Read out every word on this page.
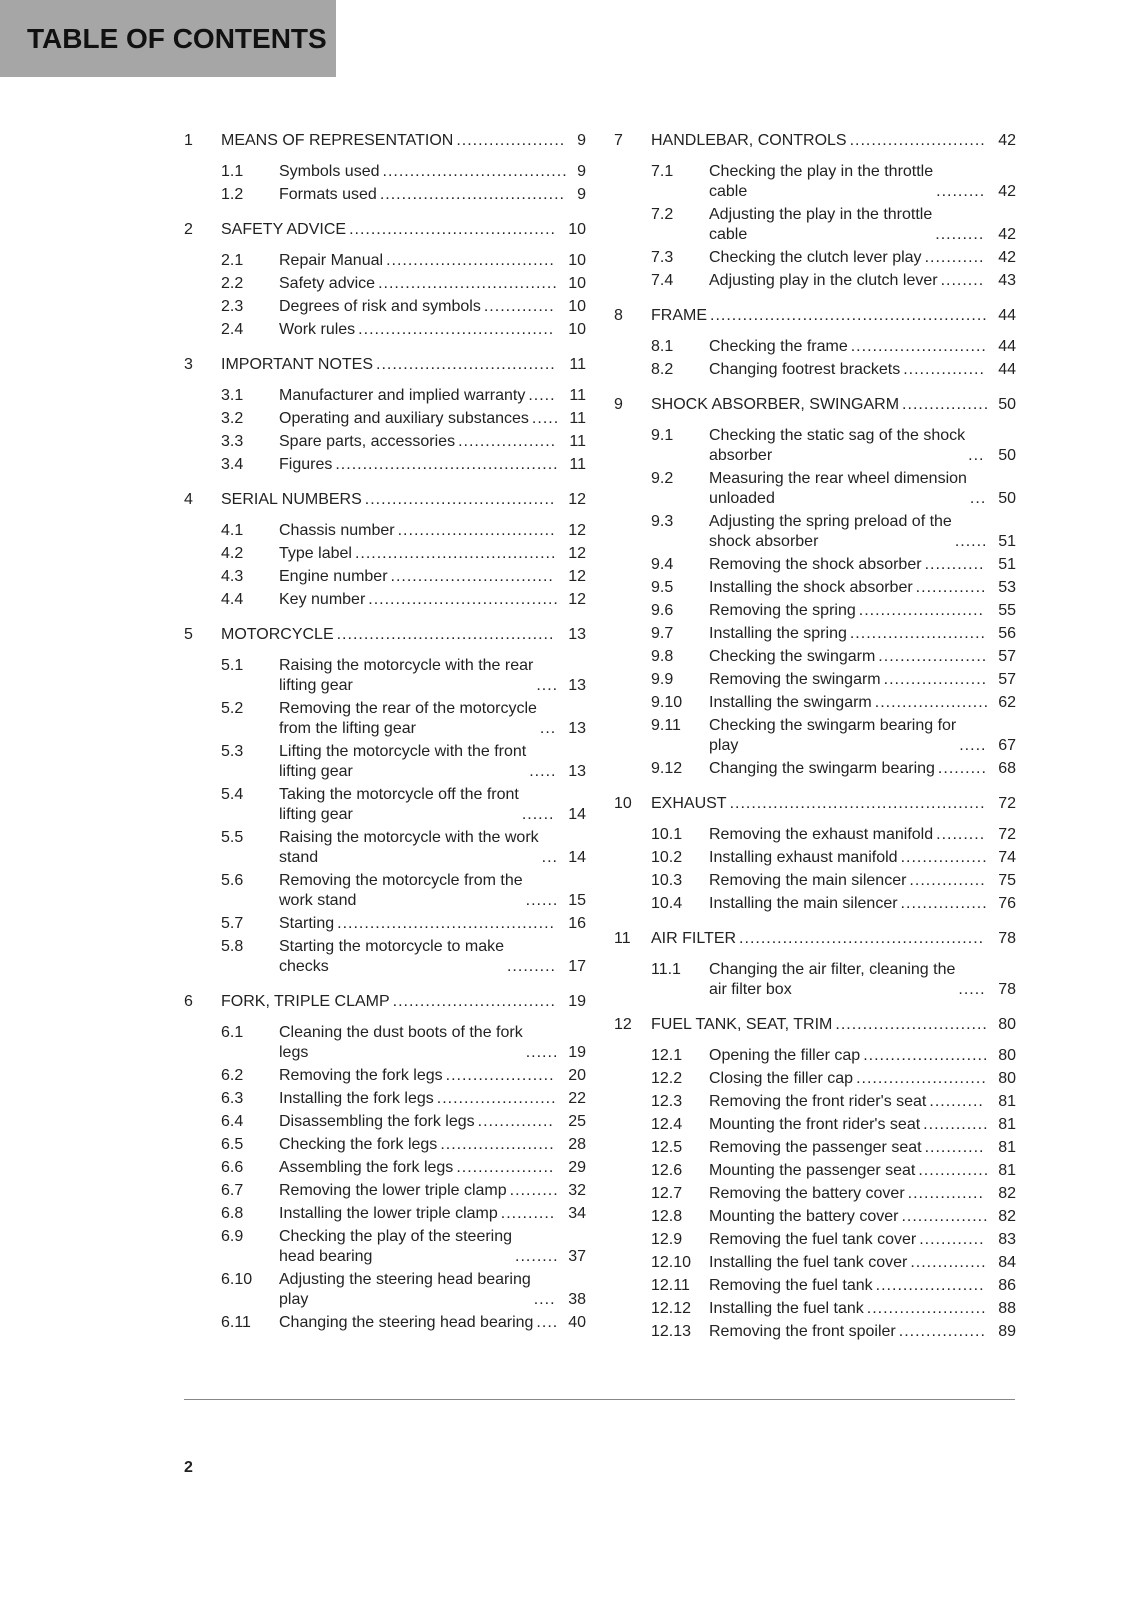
TABLE OF CONTENTS
1	MEANS OF REPRESENTATION .................... 9
1.1	Symbols used .................................. 9
1.2	Formats used .................................. 9
2	SAFETY ADVICE ...................................... 10
2.1	Repair Manual ............................... 10
2.2	Safety advice ................................. 10
2.3	Degrees of risk and symbols ............. 10
2.4	Work rules .................................... 10
3	IMPORTANT NOTES ................................. 11
3.1	Manufacturer and implied warranty ..... 11
3.2	Operating and auxiliary substances ..... 11
3.3	Spare parts, accessories .................. 11
3.4	Figures ......................................... 11
4	SERIAL NUMBERS ................................... 12
4.1	Chassis number ............................. 12
4.2	Type label ..................................... 12
4.3	Engine number .............................. 12
4.4	Key number ................................... 12
5	MOTORCYCLE ........................................ 13
5.1	Raising the motorcycle with the rear
lifting gear	.... 13
5.2	Removing the rear of the motorcycle
from the lifting gear	... 13
5.3	Lifting the motorcycle with the front
lifting gear	..... 13
5.4	Taking the motorcycle off the front
lifting gear	...... 14
5.5	Raising the motorcycle with the work
stand	... 14
5.6	Removing the motorcycle from the
work stand	...... 15
5.7	Starting ........................................ 16
5.8	Starting the motorcycle to make
checks	......... 17
6	FORK, TRIPLE CLAMP .............................. 19
6.1	Cleaning the dust boots of the fork
legs	...... 19
6.2	Removing the fork legs .................... 20
6.3	Installing the fork legs ...................... 22
6.4	Disassembling the fork legs .............. 25
6.5	Checking the fork legs ..................... 28
6.6	Assembling the fork legs .................. 29
6.7	Removing the lower triple clamp ......... 32
6.8	Installing the lower triple clamp .......... 34
6.9	Checking the play of the steering
head bearing	........ 37
6.10	Adjusting the steering head bearing
play	.... 38
6.11	Changing the steering head bearing .... 40
7	HANDLEBAR, CONTROLS ......................... 42
7.1	Checking the play in the throttle
cable	......... 42
7.2	Adjusting the play in the throttle
cable	......... 42
7.3	Checking the clutch lever play ........... 42
7.4	Adjusting play in the clutch lever ........ 43
8	FRAME ................................................... 44
8.1	Checking the frame ......................... 44
8.2	Changing footrest brackets ............... 44
9	SHOCK ABSORBER, SWINGARM ................ 50
9.1	Checking the static sag of the shock
absorber	... 50
9.2	Measuring the rear wheel dimension
unloaded	... 50
9.3	Adjusting the spring preload of the
shock absorber	...... 51
9.4	Removing the shock absorber ........... 51
9.5	Installing the shock absorber ............. 53
9.6	Removing the spring ....................... 55
9.7	Installing the spring ......................... 56
9.8	Checking the swingarm .................... 57
9.9	Removing the swingarm ................... 57
9.10	Installing the swingarm ..................... 62
9.11	Checking the swingarm bearing for
play	..... 67
9.12	Changing the swingarm bearing ......... 68
10	EXHAUST ............................................... 72
10.1	Removing the exhaust manifold ......... 72
10.2	Installing exhaust manifold ................ 74
10.3	Removing the main silencer .............. 75
10.4	Installing the main silencer ................ 76
11	AIR FILTER ............................................. 78
11.1	Changing the air filter, cleaning the
air filter box	..... 78
12	FUEL TANK, SEAT, TRIM ............................ 80
12.1	Opening the filler cap ....................... 80
12.2	Closing the filler cap ........................ 80
12.3	Removing the front rider's seat .......... 81
12.4	Mounting the front rider's seat ............ 81
12.5	Removing the passenger seat ........... 81
12.6	Mounting the passenger seat ............. 81
12.7	Removing the battery cover .............. 82
12.8	Mounting the battery cover ................ 82
12.9	Removing the fuel tank cover ............ 83
12.10	Installing the fuel tank cover .............. 84
12.11	Removing the fuel tank .................... 86
12.12	Installing the fuel tank ...................... 88
12.13	Removing the front spoiler ................ 89
2
